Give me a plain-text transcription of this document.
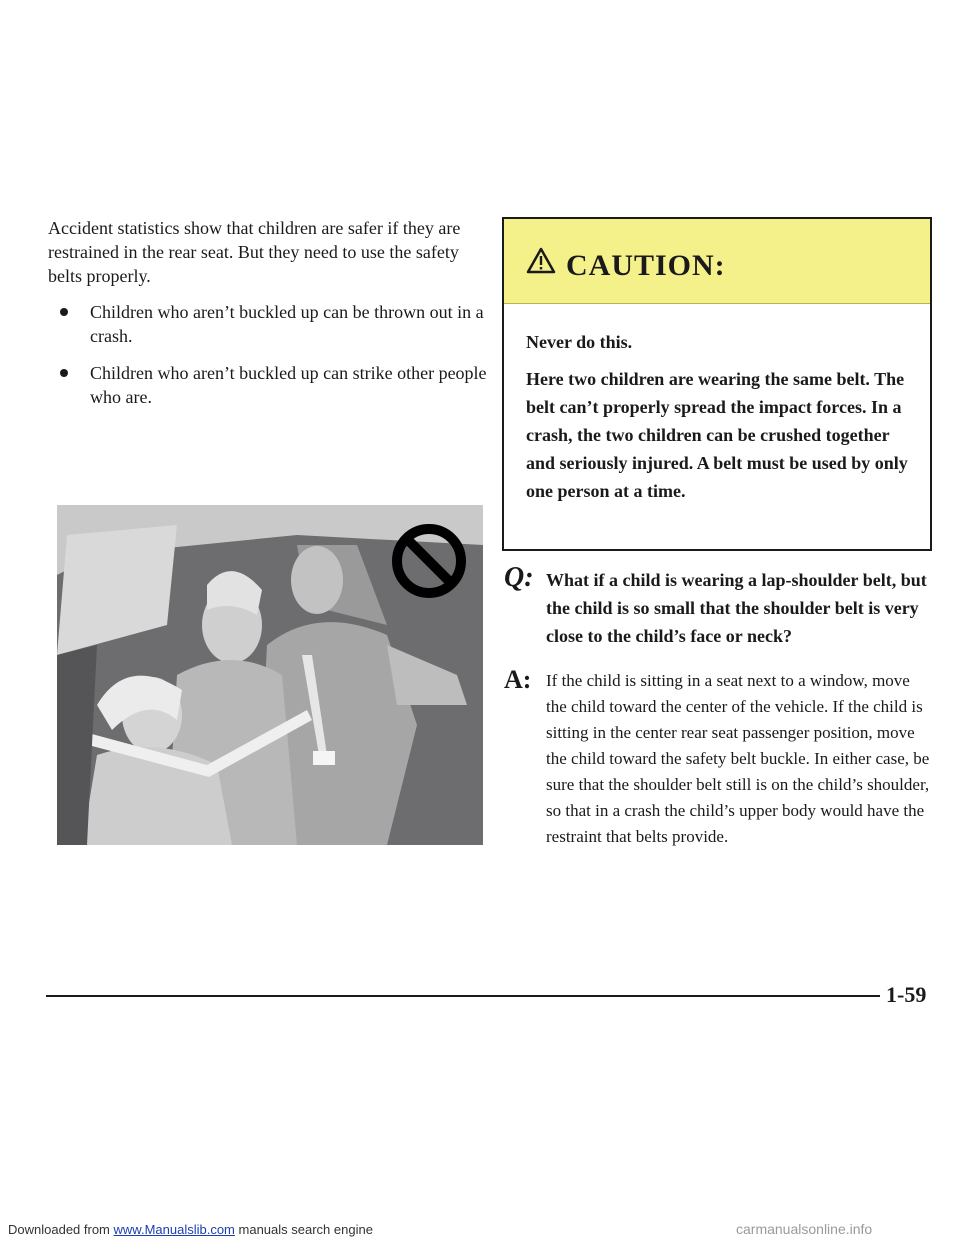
Accident statistics show that children are safer if they are restrained in the rear seat. But they need to use the safety belts properly.
Children who aren’t buckled up can be thrown out in a crash.
Children who aren’t buckled up can strike other people who are.
CAUTION:

Never do this.

Here two children are wearing the same belt. The belt can’t properly spread the impact forces. In a crash, the two children can be crushed together and seriously injured. A belt must be used by only one person at a time.

Q: What if a child is wearing a lap-shoulder belt, but the child is so small that the shoulder belt is very close to the child’s face or neck?
A: If the child is sitting in a seat next to a window, move the child toward the center of the vehicle. If the child is sitting in the center rear seat passenger position, move the child toward the safety belt buckle. In either case, be sure that the shoulder belt still is on the child’s shoulder, so that in a crash the child’s upper body would have the restraint that belts provide.
1-59
Downloaded from www.Manualslib.com manuals search engine	carmanualsonline.info
